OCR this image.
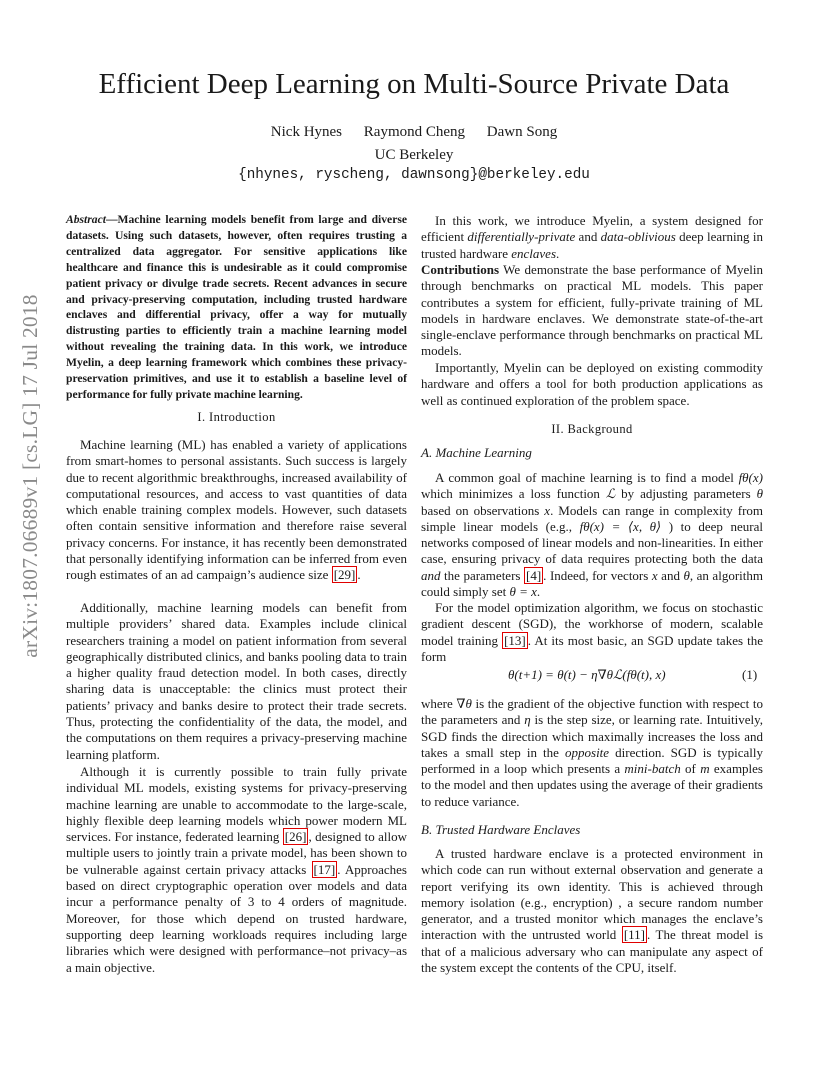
arXiv:1807.06689v1 [cs.LG] 17 Jul 2018
Efficient Deep Learning on Multi-Source Private Data
Nick Hynes Raymond Cheng Dawn Song
UC Berkeley
{nhynes, ryscheng, dawnsong}@berkeley.edu
Abstract—Machine learning models benefit from large and diverse datasets. Using such datasets, however, often requires trusting a centralized data aggregator. For sensitive applications like healthcare and finance this is undesirable as it could compromise patient privacy or divulge trade secrets. Recent advances in secure and privacy-preserving computation, including trusted hardware enclaves and differential privacy, offer a way for mutually distrusting parties to efficiently train a machine learning model without revealing the training data. In this work, we introduce Myelin, a deep learning framework which combines these privacy-preservation primitives, and use it to establish a baseline level of performance for fully private machine learning.
I. Introduction
Machine learning (ML) has enabled a variety of applications from smart-homes to personal assistants. Such success is largely due to recent algorithmic breakthroughs, increased availability of computational resources, and access to vast quantities of data which enable training complex models. However, such datasets often contain sensitive information and therefore raise several privacy concerns. For instance, it has recently been demonstrated that personally identifying information can be inferred from even rough estimates of an ad campaign’s audience size [29] .
Additionally, machine learning models can benefit from multiple providers’ shared data. Examples include clinical researchers training a model on patient information from several geographically distributed clinics, and banks pooling data to train a higher quality fraud detection model. In both cases, directly sharing data is unacceptable: the clinics must protect their patients’ privacy and banks desire to protect their trade secrets. Thus, protecting the confidentiality of the data, the model, and the computations on them requires a privacy-preserving machine learning platform.
Although it is currently possible to train fully private individual ML models, existing systems for privacy-preserving machine learning are unable to accommodate to the large-scale, highly flexible deep learning models which power modern ML services. For instance, federated learning [26] , designed to allow multiple users to jointly train a private model, has been shown to be vulnerable against certain privacy attacks [17] . Approaches based on direct cryptographic operation over models and data incur a performance penalty of 3 to 4 orders of magnitude. Moreover, for those which depend on trusted hardware, supporting deep learning workloads requires including large libraries which were designed with performance–not privacy–as a main objective.
In this work, we introduce Myelin, a system designed for efficient differentially-private and data-oblivious deep learning in trusted hardware enclaves.
Contributions We demonstrate the base performance of Myelin through benchmarks on practical ML models. This paper contributes a system for efficient, fully-private training of ML models in hardware enclaves. We demonstrate state-of-the-art single-enclave performance through benchmarks on practical ML models.
Importantly, Myelin can be deployed on existing commodity hardware and offers a tool for both production applications as well as continued exploration of the problem space.
II. Background
A. Machine Learning
A common goal of machine learning is to find a model fθ(x) which minimizes a loss function ℒ by adjusting parameters θ based on observations x. Models can range in complexity from simple linear models (e.g., fθ(x) = ⟨x, θ⟩ ) to deep neural networks composed of linear models and non-linearities. In either case, ensuring privacy of data requires protecting both the data and the parameters [4] . Indeed, for vectors x and θ, an algorithm could simply set θ = x.
For the model optimization algorithm, we focus on stochastic gradient descent (SGD), the workhorse of modern, scalable model training [13] . At its most basic, an SGD update takes the form
θ(t+1) = θ(t) − η∇θℒ(fθ(t), x)	(1)
where ∇θ is the gradient of the objective function with respect to the parameters and η is the step size, or learning rate. Intuitively, SGD finds the direction which maximally increases the loss and takes a small step in the opposite direction. SGD is typically performed in a loop which presents a mini-batch of m examples to the model and then updates using the average of their gradients to reduce variance.
B. Trusted Hardware Enclaves
A trusted hardware enclave is a protected environment in which code can run without external observation and generate a report verifying its own identity. This is achieved through memory isolation (e.g., encryption) , a secure random number generator, and a trusted monitor which manages the enclave’s interaction with the untrusted world [11] . The threat model is that of a malicious adversary who can manipulate any aspect of the system except the contents of the CPU, itself.
